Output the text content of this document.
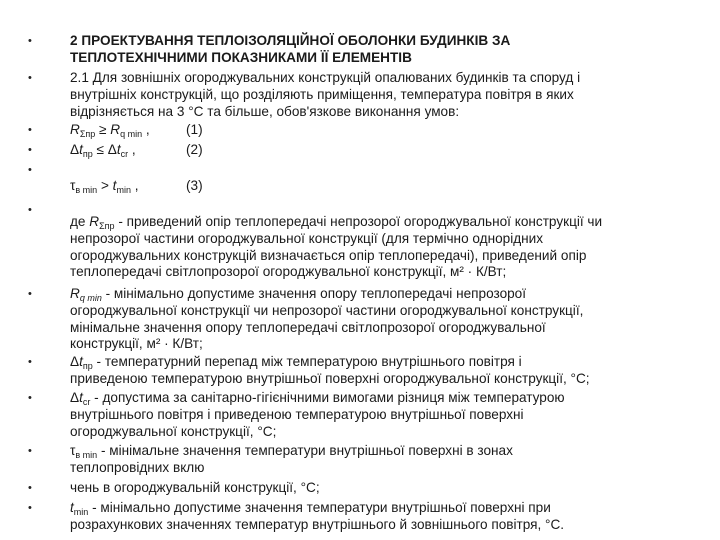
•	2 ПРОЕКТУВАННЯ ТЕПЛОІЗОЛЯЦІЙНОЇ ОБОЛОНКИ БУДИНКІВ ЗА
ТЕПЛОТЕХНІЧНИМИ ПОКАЗНИКАМИ ЇЇ ЕЛЕМЕНТІВ
•	2.1 Для зовнішніх огороджувальних конструкцій опалюваних будинків та споруд і
внутрішніх конструкцій, що розділяють приміщення, температура повітря в яких
відрізняється на 3 °С та більше, обов'язкове виконання умов:
•	$R_{\Sigma пр} \ge R_{q min}$ ,	(1)
•	$\Delta t_{пр} \le \Delta t_{cr}$ ,	(2)
•
$\tau_{в min} > t_{min}$ ,	(3)
•
де $R_{\Sigma пр}$ - приведений опір теплопередачі непрозорої огороджувальної конструкції чи
непрозорої частини огороджувальної конструкції (для термічно однорідних
огороджувальних конструкцій визначається опір теплопередачі), приведений опір
теплопередачі світлопрозорої огороджувальної конструкції, м² · К/Вт;
•	$R_{q min}$ - мінімально допустиме значення опору теплопередачі непрозорої
огороджувальної конструкції чи непрозорої частини огороджувальної конструкції,
мінімальне значення опору теплопередачі світлопрозорої огороджувальної
конструкції, м² · К/Вт;
•	$\Delta t_{пр}$ - температурний перепад між температурою внутрішнього повітря і
приведеною температурою внутрішньої поверхні огороджувальної конструкції, °С;
•	$\Delta t_{cr}$ - допустима за санітарно-гігієнічними вимогами різниця між температурою
внутрішнього повітря і приведеною температурою внутрішньої поверхні
огороджувальної конструкції, °С;
•	$\tau_{в min}$ - мінімальне значення температури внутрішньої поверхні в зонах
теплопровідних вклю
•	чень в огороджувальній конструкції, °С;
•	$t_{min}$ - мінімально допустиме значення температури внутрішньої поверхні при
розрахункових значеннях температур внутрішнього й зовнішнього повітря, °С.
